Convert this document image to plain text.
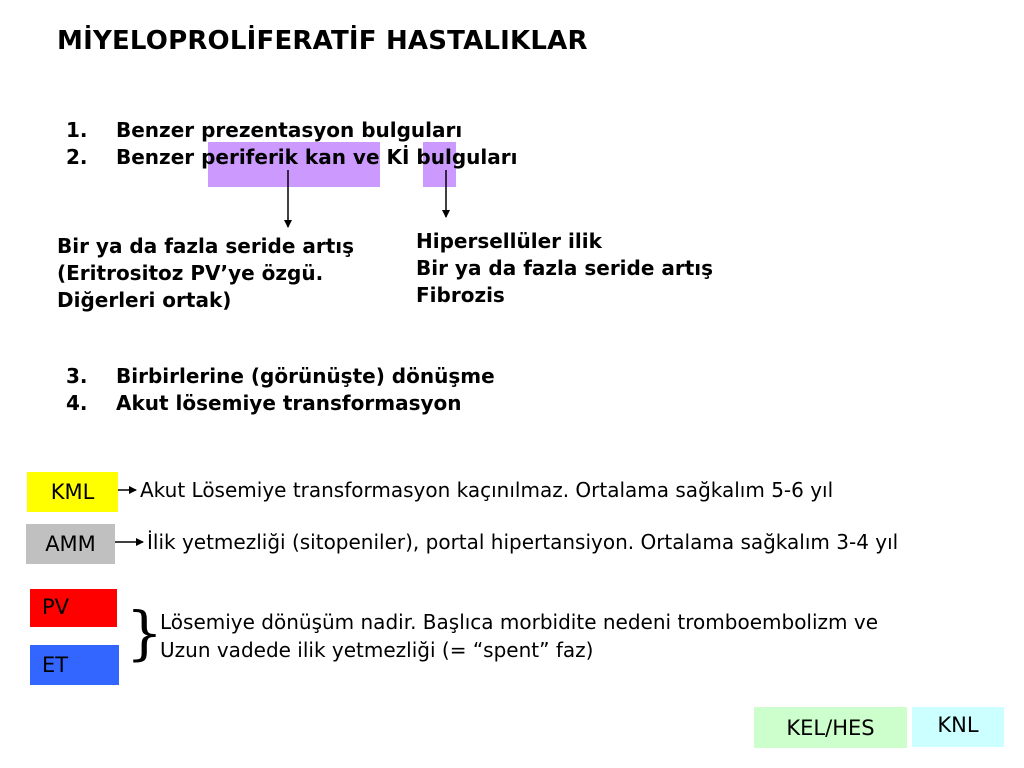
MİYELOPROLİFERATİF HASTALIKLAR
1. Benzer prezentasyon bulguları
2. Benzer periferik kan ve Kİ bulguları
Bir ya da fazla seride artış
(Eritrositoz PV’ye özgü.
Diğerleri ortak)
Hipersellüler ilik
Bir ya da fazla seride artış
Fibrozis
3. Birbirlerine (görünüşte) dönüşme
4. Akut lösemiye transformasyon
KML	Akut Lösemiye transformasyon kaçınılmaz. Ortalama sağkalım 5-6 yıl
AMM	İlik yetmezliği (sitopeniler), portal hipertansiyon. Ortalama sağkalım 3-4 yıl
PV
ET }
Lösemiye dönüşüm nadir. Başlıca morbidite nedeni tromboembolizm ve
Uzun vadede ilik yetmezliği (= “spent” faz)
KEL/HES	KNL
